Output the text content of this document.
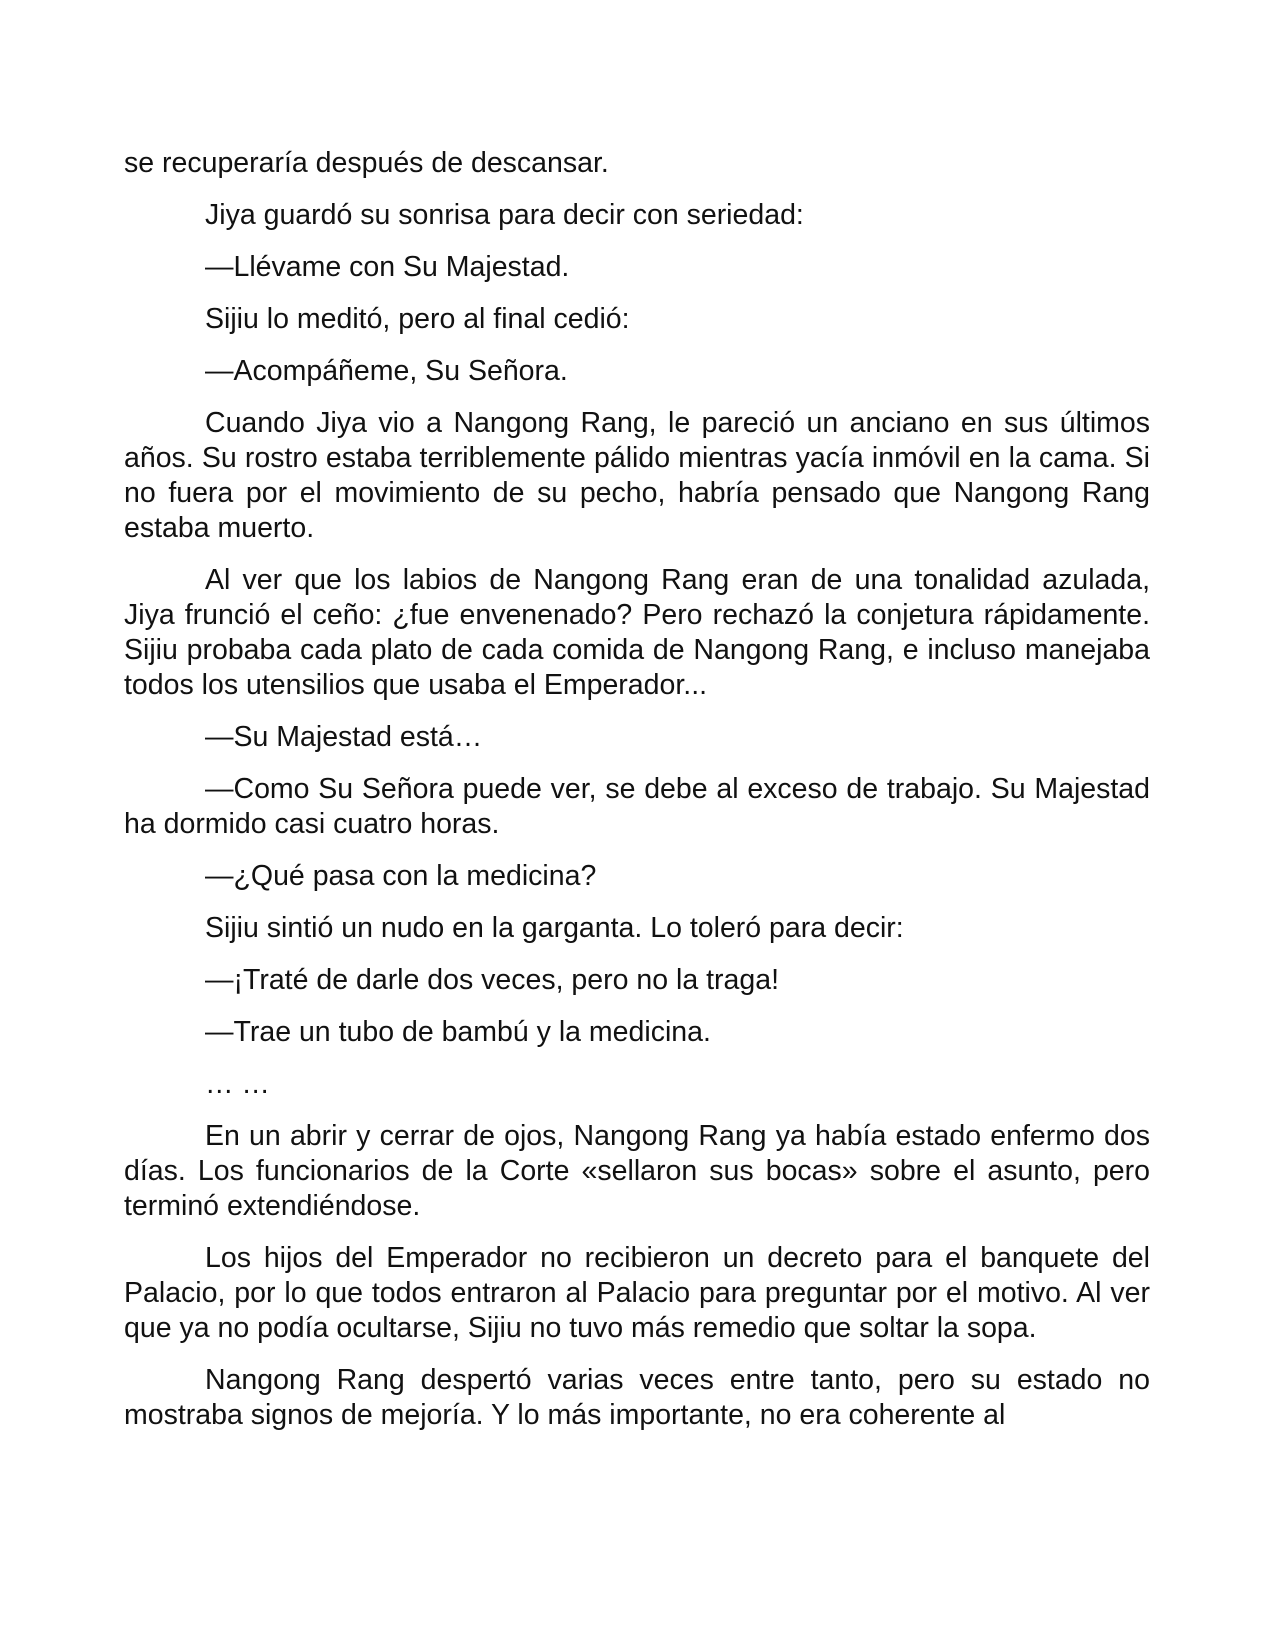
se recuperaría después de descansar.

Jiya guardó su sonrisa para decir con seriedad:

—Llévame con Su Majestad.

Sijiu lo meditó, pero al final cedió:

—Acompáñeme, Su Señora.

Cuando Jiya vio a Nangong Rang, le pareció un anciano en sus últimos años. Su rostro estaba terriblemente pálido mientras yacía inmóvil en la cama. Si no fuera por el movimiento de su pecho, habría pensado que Nangong Rang estaba muerto.

Al ver que los labios de Nangong Rang eran de una tonalidad azulada, Jiya frunció el ceño: ¿fue envenenado? Pero rechazó la conjetura rápidamente. Sijiu probaba cada plato de cada comida de Nangong Rang, e incluso manejaba todos los utensilios que usaba el Emperador...

—Su Majestad está…

—Como Su Señora puede ver, se debe al exceso de trabajo. Su Majestad ha dormido casi cuatro horas.

—¿Qué pasa con la medicina?

Sijiu sintió un nudo en la garganta. Lo toleró para decir:

—¡Traté de darle dos veces, pero no la traga!

—Trae un tubo de bambú y la medicina.

… …

En un abrir y cerrar de ojos, Nangong Rang ya había estado enfermo dos días. Los funcionarios de la Corte «sellaron sus bocas» sobre el asunto, pero terminó extendiéndose.

Los hijos del Emperador no recibieron un decreto para el banquete del Palacio, por lo que todos entraron al Palacio para preguntar por el motivo. Al ver que ya no podía ocultarse, Sijiu no tuvo más remedio que soltar la sopa.

Nangong Rang despertó varias veces entre tanto, pero su estado no mostraba signos de mejoría. Y lo más importante, no era coherente al
